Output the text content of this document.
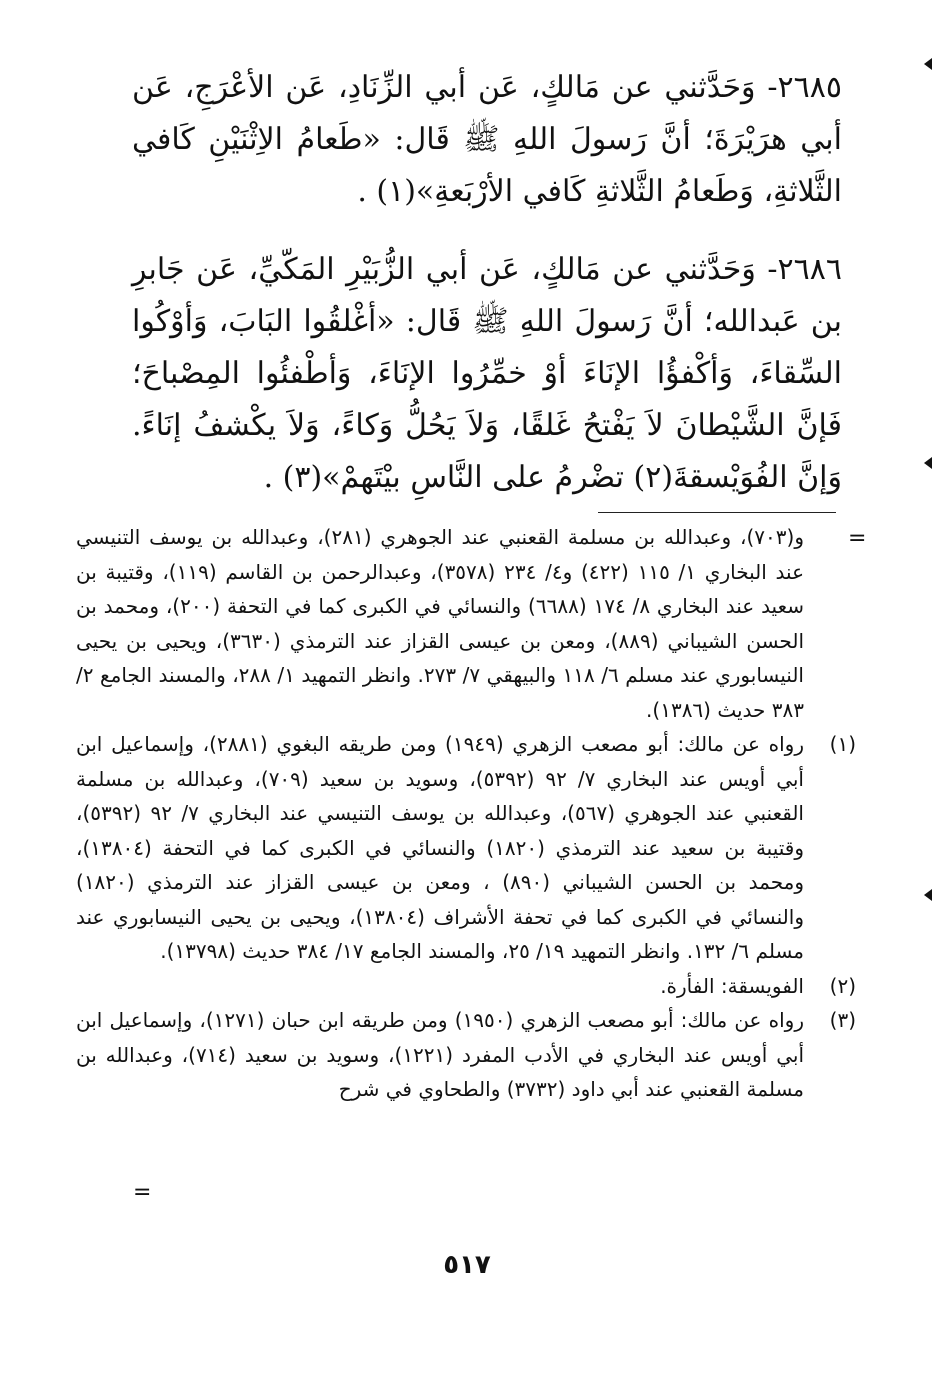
٢٦٨٥- وَحَدَّثني عن مَالكٍ، عَن أبي الزِّنَادِ، عَن الأعْرَجِ، عَن أبي هرَيْرَةَ؛ أنَّ رَسولَ اللهِ ﷺ قَال: «طَعامُ الاِثْنَيْنِ كَافي الثَّلاثةِ، وَطَعامُ الثَّلاثةِ كَافي الأرْبَعةِ»(١) .

٢٦٨٦- وَحَدَّثني عن مَالكٍ، عَن أبي الزُّبَيْرِ المَكّيِّ، عَن جَابرِ بن عَبدالله؛ أنَّ رَسولَ اللهِ ﷺ قَال: «أغْلقُوا البَابَ، وَأوْكُوا السِّقاءَ، وَأكْفؤُا الإنَاءَ أوْ خمِّرُوا الإنَاءَ، وَأطْفئُوا المِصْباحَ؛ فَإنَّ الشَّيْطانَ لاَ يَفْتحُ غَلقًا، وَلاَ يَحُلُّ وَكاءً، وَلاَ يكْشفُ إنَاءً. وَإنَّ الفُوَيْسقةَ(٢) تضْرمُ على النَّاسِ بيْتَهمْ»(٣) .

=

و(٧٠٣)، وعبدالله بن مسلمة القعنبي عند الجوهري (٢٨١)، وعبدالله بن يوسف التنيسي عند البخاري ١/ ١١٥ (٤٢٢) و٤/ ٢٣٤ (٣٥٧٨)، وعبدالرحمن بن القاسم (١١٩)، وقتيبة بن سعيد عند البخاري ٨/ ١٧٤ (٦٦٨٨) والنسائي في الكبرى كما في التحفة (٢٠٠)، ومحمد بن الحسن الشيباني (٨٨٩)، ومعن بن عيسى القزاز عند الترمذي (٣٦٣٠)، ويحيى بن يحيى النيسابوري عند مسلم ٦/ ١١٨ والبيهقي ٧/ ٢٧٣. وانظر التمهيد ١/ ٢٨٨، والمسند الجامع ٢/ ٣٨٣ حديث (١٣٨٦).

(١)
رواه عن مالك: أبو مصعب الزهري (١٩٤٩) ومن طريقه البغوي (٢٨٨١)، وإسماعيل ابن أبي أويس عند البخاري ٧/ ٩٢ (٥٣٩٢)، وسويد بن سعيد (٧٠٩)، وعبدالله بن مسلمة القعنبي عند الجوهري (٥٦٧)، وعبدالله بن يوسف التنيسي عند البخاري ٧/ ٩٢ (٥٣٩٢)، وقتيبة بن سعيد عند الترمذي (١٨٢٠) والنسائي في الكبرى كما في التحفة (١٣٨٠٤)، ومحمد بن الحسن الشيباني (٨٩٠) ، ومعن بن عيسى القزاز عند الترمذي (١٨٢٠) والنسائي في الكبرى كما في تحفة الأشراف (١٣٨٠٤)، ويحيى بن يحيى النيسابوري عند مسلم ٦/ ١٣٢. وانظر التمهيد ١٩/ ٢٥، والمسند الجامع ١٧/ ٣٨٤ حديث (١٣٧٩٨).

(٢)
الفويسقة: الفأرة.

(٣)
رواه عن مالك: أبو مصعب الزهري (١٩٥٠) ومن طريقه ابن حبان (١٢٧١)، وإسماعيل ابن أبي أويس عند البخاري في الأدب المفرد (١٢٢١)، وسويد بن سعيد (٧١٤)، وعبدالله بن مسلمة القعنبي عند أبي داود (٣٧٣٢) والطحاوي في شرح

=
٥١٧
